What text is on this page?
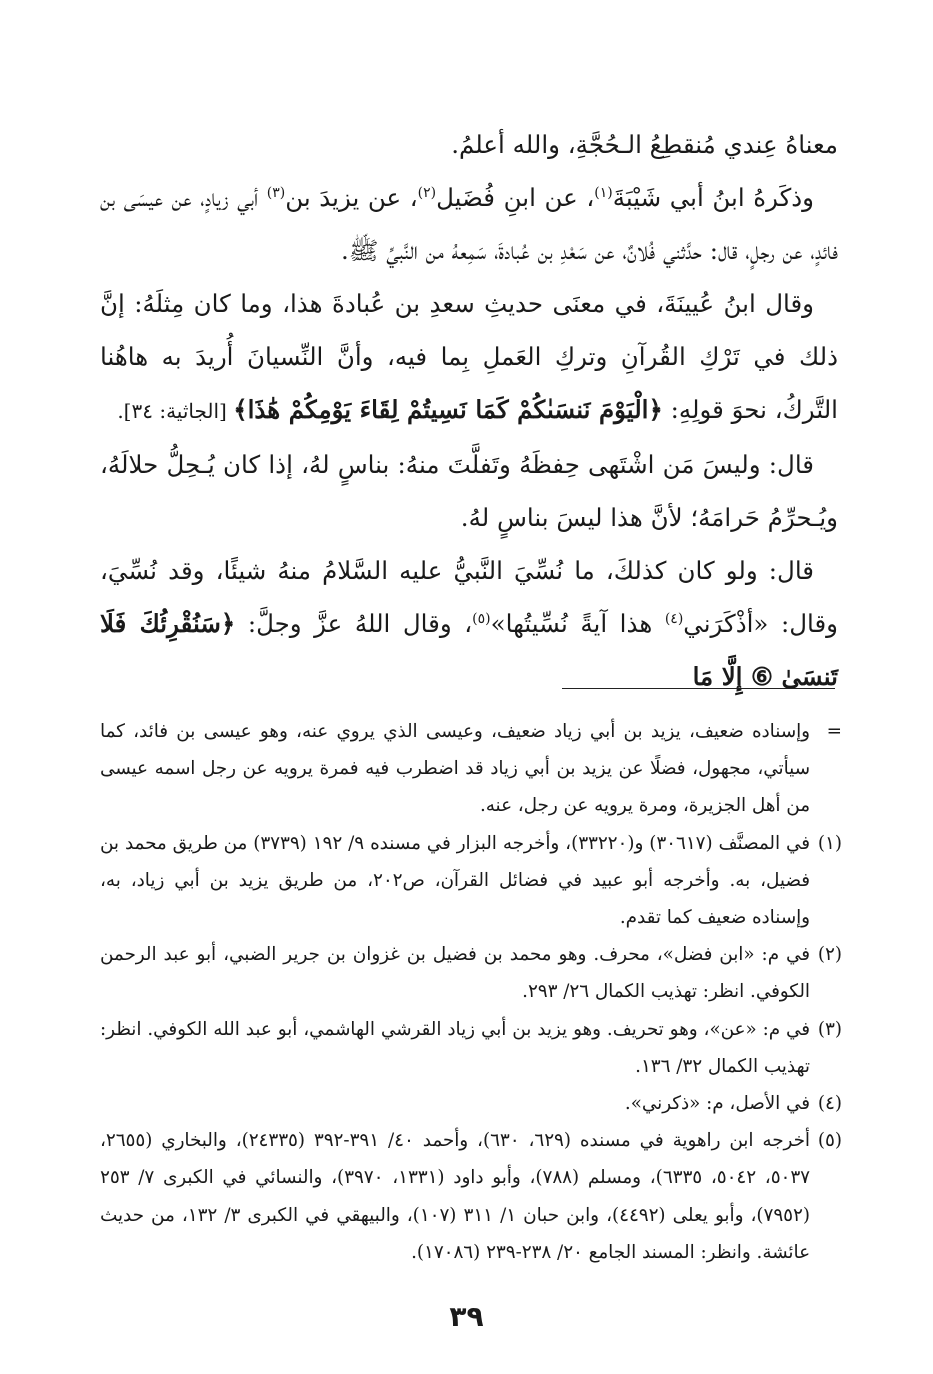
معناهُ عِندي مُنقطِعُ الـحُجَّةِ، والله أعلمُ.

وذكَرهُ ابنُ أبي شَيْبَةَ$^{(١)}$، عن ابنِ فُضَيل$^{(٢)}$، عن يزيدَ بن$^{(٣)}$ أبي زيادٍ، عن عيسَى بن فائدٍ، عن رجلٍ، قال: حدَّثني فُلانٌ، عن سَعْدِ بن عُبادةَ، سَمِعهُ من النَّبيِّ ﷺ.

وقال ابنُ عُيينَةَ، في معنَى حديثِ سعدِ بن عُبادةَ هذا، وما كان مِثلَهُ: إنَّ ذلك في تَرْكِ القُرآنِ وتركِ العَملِ بِما فيه، وأنَّ النِّسيانَ أُريدَ به هاهُنا التَّركُ، نحوَ قولِهِ: ﴿الْيَوْمَ نَنسَىٰكُمْ كَمَا نَسِيتُمْ لِقَاءَ يَوْمِكُمْ هَٰذَا﴾ [الجاثية: ٣٤].

قال: وليسَ مَن اشْتَهى حِفظَهُ وتَفلَّتَ منهُ: بناسٍ لهُ، إذا كان يُـحِلُّ حلالَهُ، ويُـحرِّمُ حَرامَهُ؛ لأنَّ هذا ليسَ بناسٍ لهُ.

قال: ولو كان كذلكَ، ما نُسِّيَ النَّبيُّ عليه السَّلامُ منهُ شيئًا، وقد نُسِّيَ، وقال: «أذْكَرَني$^{(٤)}$ هذا آيةً نُسِّيتُها»$^{(٥)}$، وقال اللهُ عزَّ وجلَّ: ﴿سَنُقْرِئُكَ فَلَا تَنسَىٰ ⑥ إِلَّا مَا

=
وإسناده ضعيف، يزيد بن أبي زياد ضعيف، وعيسى الذي يروي عنه، وهو عيسى بن فائد، كما سيأتي، مجهول، فضلًا عن يزيد بن أبي زياد قد اضطرب فيه فمرة يرويه عن رجل اسمه عيسى من أهل الجزيرة، ومرة يرويه عن رجل، عنه.

(١)
في المصنَّف (٣٠٦١٧) و(٣٣٢٢٠)، وأخرجه البزار في مسنده ٩/ ١٩٢ (٣٧٣٩) من طريق محمد بن فضيل، به. وأخرجه أبو عبيد في فضائل القرآن، ص٢٠٢، من طريق يزيد بن أبي زياد، به، وإسناده ضعيف كما تقدم.

(٢)
في م: «ابن فضل»، محرف. وهو محمد بن فضيل بن غزوان بن جرير الضبي، أبو عبد الرحمن الكوفي. انظر: تهذيب الكمال ٢٦/ ٢٩٣.

(٣)
في م: «عن»، وهو تحريف. وهو يزيد بن أبي زياد القرشي الهاشمي، أبو عبد الله الكوفي. انظر: تهذيب الكمال ٣٢/ ١٣٦.

(٤)
في الأصل، م: «ذكرني».

(٥)
أخرجه ابن راهوية في مسنده (٦٢٩، ٦٣٠)، وأحمد ٤٠/ ٣٩١-٣٩٢ (٢٤٣٣٥)، والبخاري (٢٦٥٥، ٥٠٣٧، ٥٠٤٢، ٦٣٣٥)، ومسلم (٧٨٨)، وأبو داود (١٣٣١، ٣٩٧٠)، والنسائي في الكبرى ٧/ ٢٥٣ (٧٩٥٢)، وأبو يعلى (٤٤٩٢)، وابن حبان ١/ ٣١١ (١٠٧)، والبيهقي في الكبرى ٣/ ١٣٢، من حديث عائشة. وانظر: المسند الجامع ٢٠/ ٢٣٨-٢٣٩ (١٧٠٨٦).

٣٩
